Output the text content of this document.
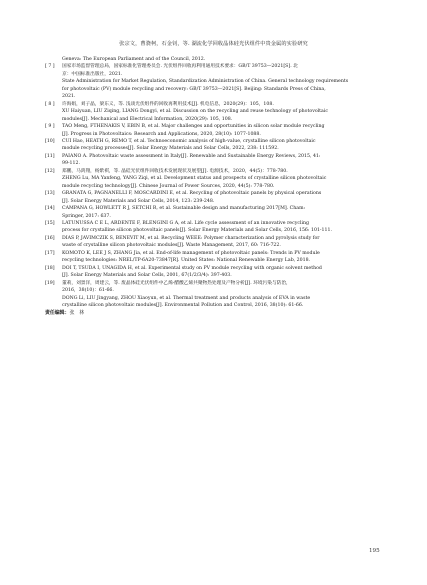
张宗文，曹骁柯，石金钊，等. 湖流化学回收晶体硅光伏组件中贵金属的实验研究
Geneva: The European Parliament and of the Council, 2012.
[ 7 ]	国家市场监督管理总局，国家标准化管理委员会. 光伏组件回收再利用通用技术要求：GB/T 39753—2021[S]. 北
京：中国标准出版社，2021.
State Administration for Market Regulation, Standardization Administration of China. General technology requirements
for photovoltaic (PV) module recycling and recovery: GB/T 39753—2021[S]. Beijing: Standards Press of China,
2021.
[ 8 ]	许海娟，刘子晶，梁东义，等. 浅谈光伏组件的回收再利用技术[J]. 机电信息，2020(29)：105，108.
XU Haiyuan, LIU Ziqing, LIANG Dongyi, et al. Discussion on the recycling and reuse technology of photovoltaic
modules[J]. Mechanical and Electrical Information, 2020(29): 105, 108.
[ 9 ]	TAO Meng, FTHENAKIS V, EBIN B, et al. Major challenges and opportunities in silicon solar module recycling
[J]. Progress in Photovoltaics: Research and Applications, 2020, 28(10): 1077-1088.
[10]	CUI Hao, HEATH G, REMO T, et al. Technoeconomic analysis of high-value, crystalline silicon photovoltaic
module recycling processes[J]. Solar Energy Materials and Solar Cells, 2022, 238: 111592.
[11]	PAIANO A. Photovoltaic waste assessment in Italy[J]. Renewable and Sustainable Energy Reviews, 2015, 41:
99-112.
[12]	郑鹏，马鸿翔，杨紫祺，等. 晶硅光伏组件回收技术发展现状及展望[J]. 电源技术，2020，44(5)：778-780.
ZHENG Lu, MA Yanfeng, YANG Ziqi, et al. Development status and prospects of crystalline silicon photovoltaic
module recycling technology[J]. Chinese Journal of Power Sources, 2020, 44(5): 778-780.
[13]	GRANATA G, PAGNANELLI F, MOSCARDINI E, et al. Recycling of photovoltaic panels by physical operations
[J]. Solar Energy Materials and Solar Cells, 2014, 123: 239-248.
[14]	CAMPANA G, HOWLETT R J, SETCHI R, et al. Sustainable design and manufacturing 2017[M]. Cham:
Springer, 2017: 637.
[15]	LATUNUSSA C E L, ARDENTE F, BLENGINI G A, et al. Life cycle assessment of an innovative recycling
process for crystalline silicon photovoltaic panels[J]. Solar Energy Materials and Solar Cells, 2016, 156: 101-111.
[16]	DIAS P, JAVIMCZIK S, BENEVIT M, et al. Recycling WEEE: Polymer characterization and pyrolysis study for
waste of crystalline silicon photovoltaic modules[J]. Waste Management, 2017, 60: 716-722.
[17]	KOMOTO K, LEE J S, ZHANG Jia, et al. End-of-life management of photovoltaic panels: Trends in PV module
recycling technologies: NREL/TP-6A20-73847[R]. United States: National Renewable Energy Lab, 2018.
[18]	DOI T, TSUDA I, UNAGIDA H, et al. Experimental study on PV module recycling with organic solvent method
[J]. Solar Energy Materials and Solar Cells, 2001, 67(1/2/3/4): 397-403.
[19]	董莉，刘景洋，周建云，等. 废晶体硅光伏组件中乙烯-醋酸乙烯共聚物热处理及产物分析[J]. 环境污染与防治，
2016，38(10)：61-66.
DONG Li, LIU Jingyang, ZHOU Xiaoyun, et al. Thermal treatment and products analysis of EVA in waste
crystalline silicon photovoltaic modules[J]. Environmental Pollution and Control, 2016, 38(10): 61-66.
责任编辑：张　林
195
